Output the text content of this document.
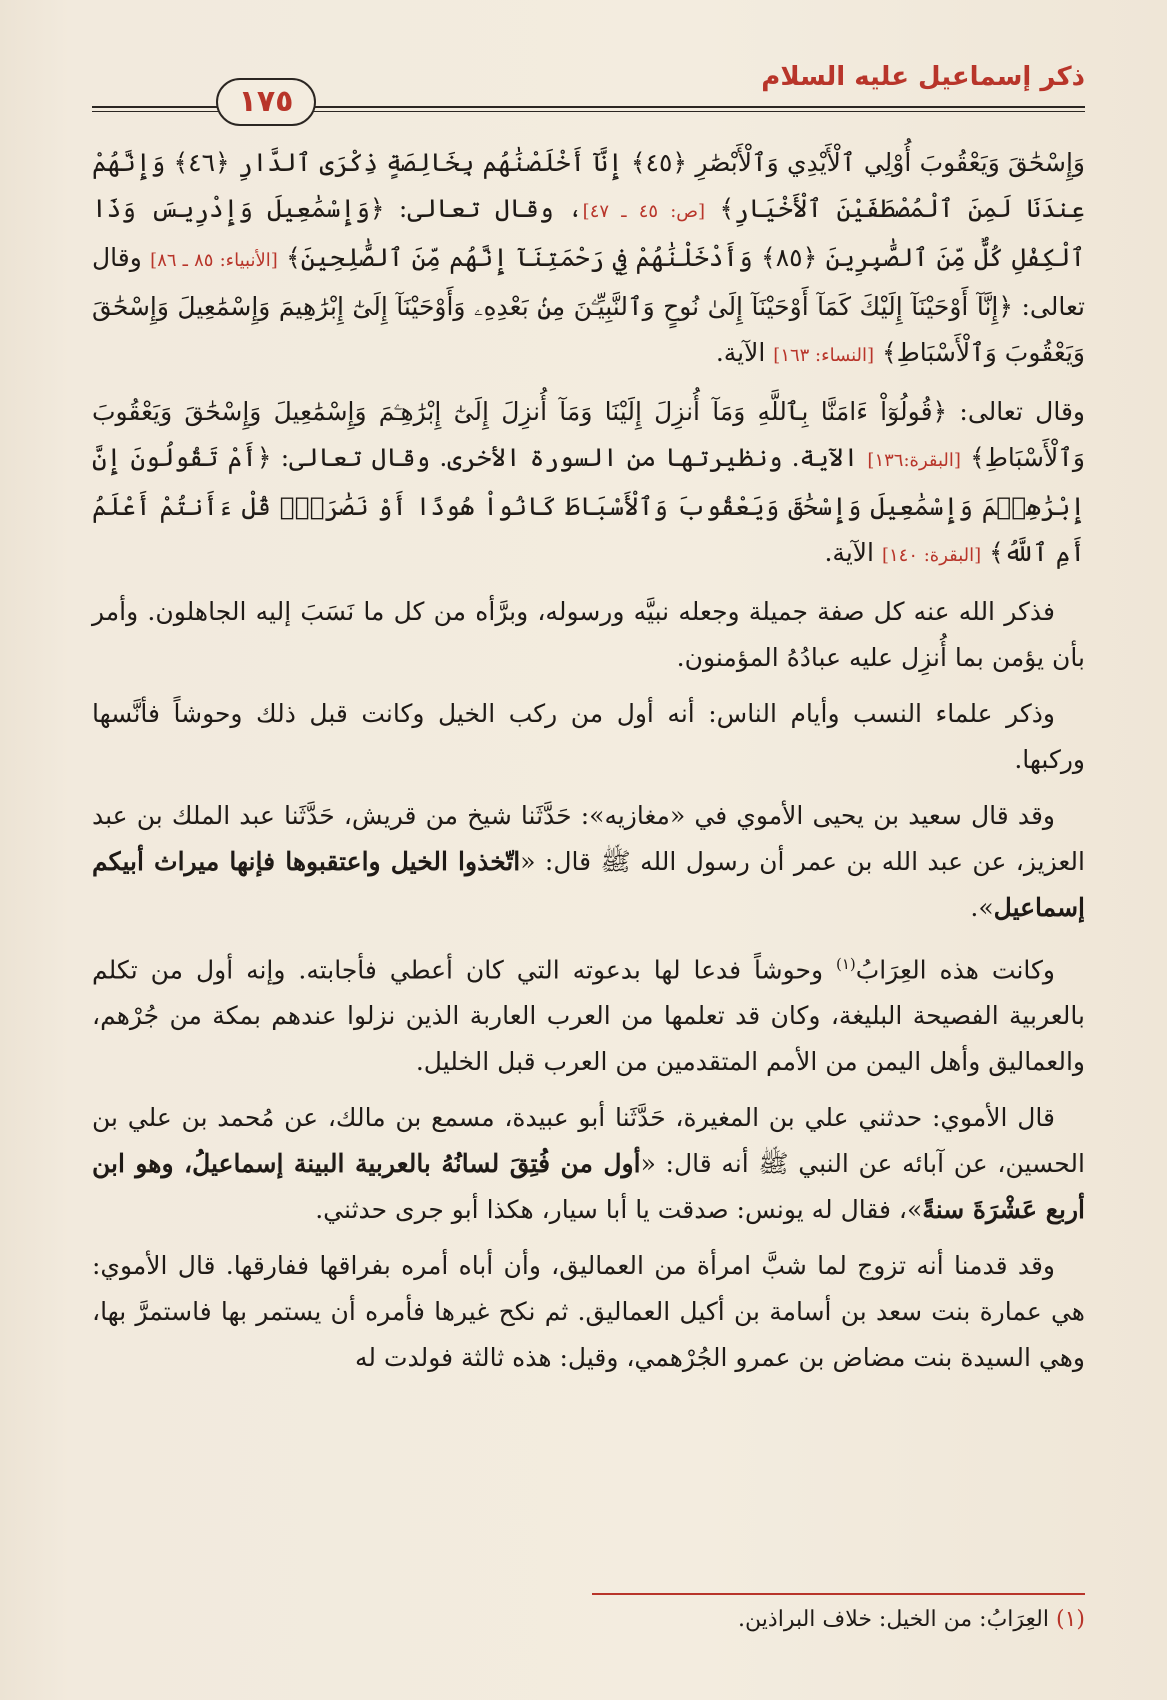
١٧٥
ذكر إسماعيل عليه السلام

وَإِسْحَٰقَ وَيَعْقُوبَ أُوْلِي ٱلْأَيْدِي وَٱلْأَبْصَٰرِ ﴿٤٥﴾ إِنَّآ أَخْلَصْنَٰهُم بِخَالِصَةٍ ذِكْرَى ٱلدَّارِ ﴿٤٦﴾ وَإِنَّهُمْ عِندَنَا لَمِنَ ٱلْمُصْطَفَيْنَ ٱلْأَخْيَارِ﴾ [ص: ٤٥ ـ ٤٧]، وقال تعالى: ﴿وَإِسْمَٰعِيلَ وَإِدْرِيسَ وَذَا ٱلْكِفْلِ كُلٌّ مِّنَ ٱلصَّٰبِرِينَ ﴿٨٥﴾ وَأَدْخَلْنَٰهُمْ فِي رَحْمَتِنَآ إِنَّهُم مِّنَ ٱلصَّٰلِحِينَ﴾ [الأنبياء: ٨٥ ـ ٨٦] وقال تعالى: ﴿إِنَّآ أَوْحَيْنَآ إِلَيْكَ كَمَآ أَوْحَيْنَآ إِلَىٰ نُوحٍ وَٱلنَّبِيِّـۧنَ مِنۢ بَعْدِهِۦ وَأَوْحَيْنَآ إِلَىٰٓ إِبْرَٰهِيمَ وَإِسْمَٰعِيلَ وَإِسْحَٰقَ وَيَعْقُوبَ وَٱلْأَسْبَاطِ﴾ [النساء: ١٦٣] الآية.

وقال تعالى: ﴿قُولُوٓاْ ءَامَنَّا بِٱللَّهِ وَمَآ أُنزِلَ إِلَيْنَا وَمَآ أُنزِلَ إِلَىٰٓ إِبْرَٰهِـۧمَ وَإِسْمَٰعِيلَ وَإِسْحَٰقَ وَيَعْقُوبَ وَٱلْأَسْبَاطِ﴾ [البقرة:١٣٦] الآية. ونظيرتها من السورة الأخرى. وقال تعالى: ﴿أَمْ تَقُولُونَ إِنَّ إِبْرَٰهِـۧمَ وَإِسْمَٰعِيلَ وَإِسْحَٰقَ وَيَعْقُوبَ وَٱلْأَسْبَاطَ كَانُواْ هُودًا أَوْ نَصَٰرَىٰۗ قُلْ ءَأَنتُمْ أَعْلَمُ أَمِ ٱللَّهُ﴾ [البقرة: ١٤٠] الآية.

فذكر الله عنه كل صفة جميلة وجعله نبيَّه ورسوله، وبرَّأه من كل ما نَسَبَ إليه الجاهلون. وأمر بأن يؤمن بما أُنزِل عليه عبادُهُ المؤمنون.

وذكر علماء النسب وأيام الناس: أنه أول من ركب الخيل وكانت قبل ذلك وحوشاً فأنَّسها وركبها.

وقد قال سعيد بن يحيى الأموي في «مغازيه»: حَدَّثَنا شيخ من قريش، حَدَّثَنا عبد الملك بن عبد العزيز، عن عبد الله بن عمر أن رسول الله ﷺ قال: «اتّخذوا الخيل واعتقبوها فإنها ميراث أبيكم إسماعيل».

وكانت هذه العِرَابُ$^{(١)}$ وحوشاً فدعا لها بدعوته التي كان أعطي فأجابته. وإنه أول من تكلم بالعربية الفصيحة البليغة، وكان قد تعلمها من العرب العاربة الذين نزلوا عندهم بمكة من جُرْهم، والعماليق وأهل اليمن من الأمم المتقدمين من العرب قبل الخليل.

قال الأموي: حدثني علي بن المغيرة، حَدَّثَنا أبو عبيدة، مسمع بن مالك، عن مُحمد بن علي بن الحسين، عن آبائه عن النبي ﷺ أنه قال: «أول من فُتِقَ لسانُهُ بالعربية البينة إسماعيلُ، وهو ابن أربع عَشْرَةَ سنةً»، فقال له يونس: صدقت يا أبا سيار، هكذا أبو جرى حدثني.

وقد قدمنا أنه تزوج لما شبَّ امرأة من العماليق، وأن أباه أمره بفراقها ففارقها. قال الأموي: هي عمارة بنت سعد بن أسامة بن أكيل العماليق. ثم نكح غيرها فأمره أن يستمر بها فاستمرَّ بها، وهي السيدة بنت مضاض بن عمرو الجُرْهمي، وقيل: هذه ثالثة فولدت له

(١) العِرَابُ: من الخيل: خلاف البراذين.
